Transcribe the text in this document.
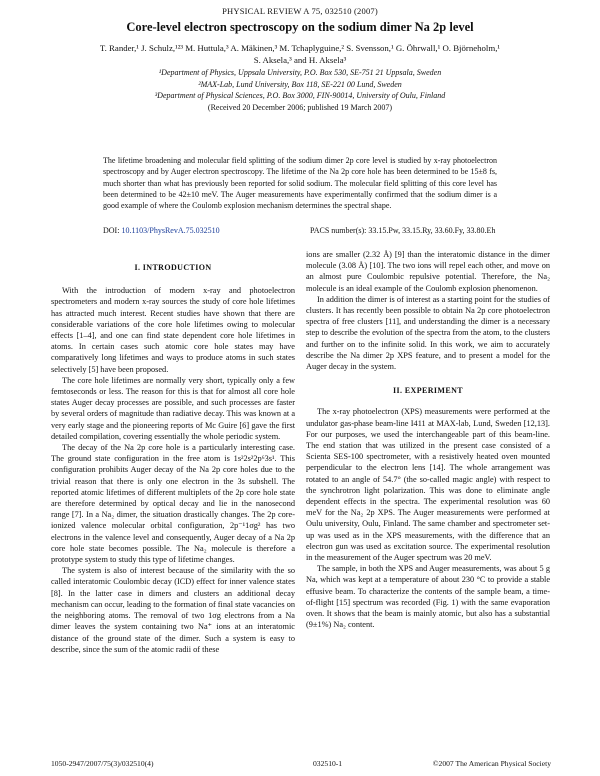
PHYSICAL REVIEW A 75, 032510 (2007)
Core-level electron spectroscopy on the sodium dimer Na 2p level
T. Rander,¹ J. Schulz,¹²³ M. Huttula,³ A. Mäkinen,³ M. Tchaplyguine,² S. Svensson,¹ G. Öhrwall,¹ O. Björneholm,¹
S. Aksela,³ and H. Aksela³
¹Department of Physics, Uppsala University, P.O. Box 530, SE-751 21 Uppsala, Sweden
²MAX-Lab, Lund University, Box 118, SE-221 00 Lund, Sweden
³Department of Physical Sciences, P.O. Box 3000, FIN-90014, University of Oulu, Finland
(Received 20 December 2006; published 19 March 2007)
The lifetime broadening and molecular field splitting of the sodium dimer 2p core level is studied by x-ray photoelectron spectroscopy and by Auger electron spectroscopy. The lifetime of the Na 2p core hole has been determined to be 15±8 fs, much shorter than what has previously been reported for solid sodium. The molecular field splitting of this core level has been determined to be 42±10 meV. The Auger measurements have experimentally confirmed that the sodium dimer is a good example of where the Coulomb explosion mechanism determines the spectral shape.
DOI: 10.1103/PhysRevA.75.032510	PACS number(s): 33.15.Pw, 33.15.Ry, 33.60.Fy, 33.80.Eh
I. INTRODUCTION

With the introduction of modern x-ray and photoelectron spectrometers and modern x-ray sources the study of core hole lifetimes has attracted much interest. Recent studies have shown that there are considerable variations of the core hole lifetimes owing to molecular effects [1–4], and one can find state dependent core hole lifetimes in atoms. In certain cases such atomic core hole states may have comparatively long lifetimes and ways to produce atoms in such states selectively [5] have been proposed.

The core hole lifetimes are normally very short, typically only a few femtoseconds or less. The reason for this is that for almost all core hole states Auger decay processes are possible, and such processes are faster by several orders of magnitude than radiative decay. This was known at a very early stage and the pioneering reports of Mc Guire [6] gave the first detailed compilation, covering essentially the whole periodic system.

The decay of the Na 2p core hole is a particularly interesting case. The ground state configuration in the free atom is 1s²2s²2p⁶3s¹. This configuration prohibits Auger decay of the Na 2p core holes due to the trivial reason that there is only one electron in the 3s subshell. The reported atomic lifetimes of different multiplets of the 2p core hole state are therefore determined by optical decay and lie in the nanosecond range [7]. In a Na₂ dimer, the situation drastically changes. The 2p core-ionized valence molecular orbital configuration, 2p⁻¹1σg² has two electrons in the valence level and consequently, Auger decay of a Na 2p core hole state becomes possible. The Na₂ molecule is therefore a prototype system to study this type of lifetime changes.

The system is also of interest because of the similarity with the so called interatomic Coulombic decay (ICD) effect for inner valence states [8]. In the latter case in dimers and clusters an additional decay mechanism can occur, leading to the formation of final state vacancies on the neighboring atoms. The removal of two 1σg electrons from a Na dimer leaves the system containing two Na⁺ ions at an interatomic distance of the ground state of the dimer. Such a system is easy to describe, since the sum of the atomic radii of these

ions are smaller (2.32 Å) [9] than the interatomic distance in the dimer molecule (3.08 Å) [10]. The two ions will repel each other, and move on an almost pure Coulombic repulsive potential. Therefore, the Na₂ molecule is an ideal example of the Coulomb explosion phenomenon.

In addition the dimer is of interest as a starting point for the studies of clusters. It has recently been possible to obtain Na 2p core photoelectron spectra of free clusters [11], and understanding the dimer is a necessary step to describe the evolution of the spectra from the atom, to the clusters and further on to the infinite solid. In this work, we aim to accurately describe the Na dimer 2p XPS feature, and to present a model for the Auger decay in the system.

II. EXPERIMENT

The x-ray photoelectron (XPS) measurements were performed at the undulator gas-phase beam-line I411 at MAX-lab, Lund, Sweden [12,13]. For our purposes, we used the interchangeable part of this beam-line. The end station that was utilized in the present case consisted of a Scienta SES-100 spectrometer, with a resistively heated oven mounted perpendicular to the electron lens [14]. The whole arrangement was rotated to an angle of 54.7° (the so-called magic angle) with respect to the synchrotron light polarization. This was done to eliminate angle dependent effects in the spectra. The experimental resolution was 60 meV for the Na₂ 2p XPS. The Auger measurements were performed at Oulu university, Oulu, Finland. The same chamber and spectrometer set-up was used as in the XPS measurements, with the difference that an electron gun was used as excitation source. The experimental resolution in the measurement of the Auger spectrum was 20 meV.

The sample, in both the XPS and Auger measurements, was about 5 g Na, which was kept at a temperature of about 230 °C to provide a stable effusive beam. To characterize the contents of the sample beam, a time-of-flight [15] spectrum was recorded (Fig. 1) with the same evaporation oven. It shows that the beam is mainly atomic, but also has a substantial (9±1%) Na₂ content.

1050-2947/2007/75(3)/032510(4)	032510-1	©2007 The American Physical Society
